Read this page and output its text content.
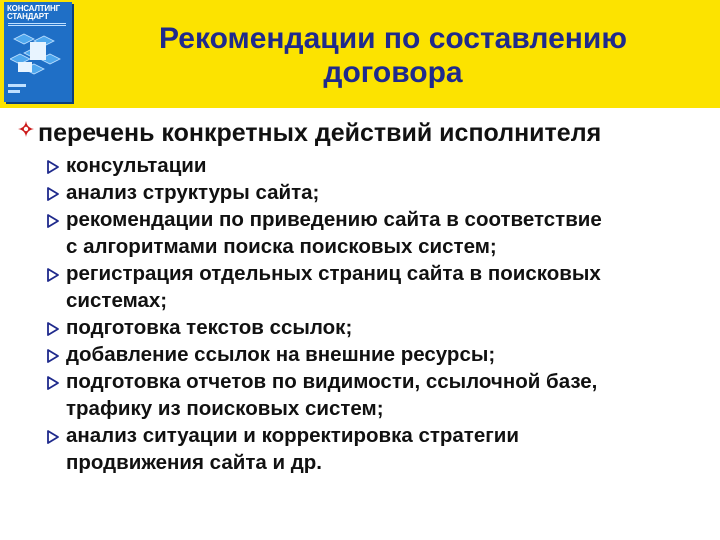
КОНСАЛТИНГ
СТАНДАРТ
Рекомендации по составлению
договора
перечень конкретных действий исполнителя
консультации
анализ структуры сайта;
рекомендации по приведению сайта в соответствие
с алгоритмами поиска поисковых систем;
регистрация отдельных страниц сайта в поисковых
системах;
подготовка текстов ссылок;
добавление ссылок на внешние ресурсы;
подготовка отчетов по видимости, ссылочной базе,
трафику из поисковых систем;
анализ ситуации и корректировка стратегии
продвижения сайта и др.
